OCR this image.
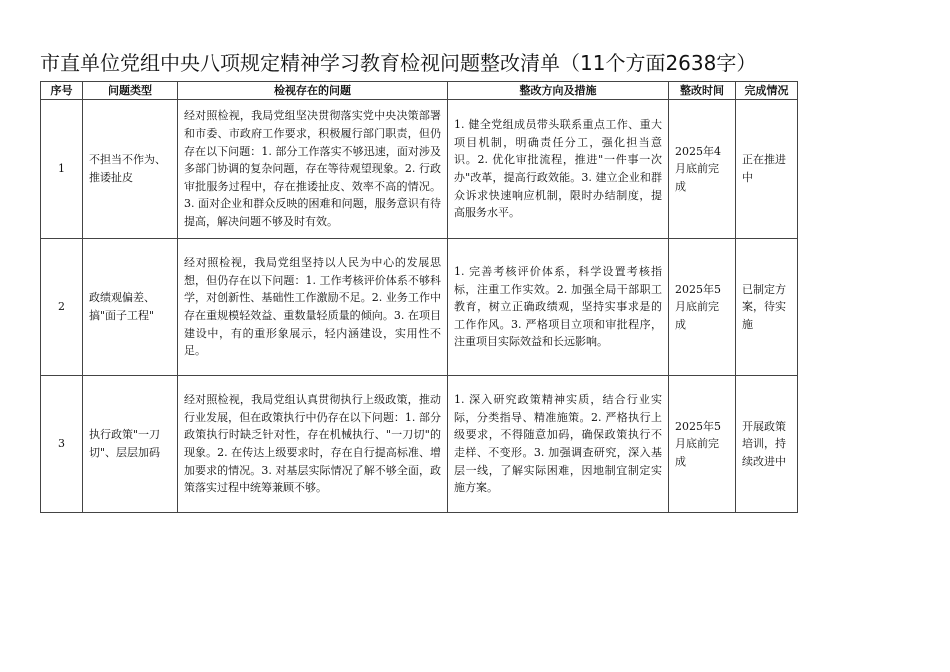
市直单位党组中央八项规定精神学习教育检视问题整改清单（11个方面2638字）
序号	问题类型	检视存在的问题	整改方向及措施	整改时间	完成情况
1	不担当不作为、推诿扯皮	经对照检视，我局党组坚决贯彻落实党中央决策部署和市委、市政府工作要求，积极履行部门职责，但仍存在以下问题：1. 部分工作落实不够迅速，面对涉及多部门协调的复杂问题，存在等待观望现象。2. 行政审批服务过程中，存在推诿扯皮、效率不高的情况。3. 面对企业和群众反映的困难和问题，服务意识有待提高，解决问题不够及时有效。	1. 健全党组成员带头联系重点工作、重大项目机制，明确责任分工，强化担当意识。2. 优化审批流程，推进"一件事一次办"改革，提高行政效能。3. 建立企业和群众诉求快速响应机制，限时办结制度，提高服务水平。	2025年4月底前完成	正在推进中
2	政绩观偏差、搞"面子工程"	经对照检视，我局党组坚持以人民为中心的发展思想，但仍存在以下问题：1. 工作考核评价体系不够科学，对创新性、基础性工作激励不足。2. 业务工作中存在重规模轻效益、重数量轻质量的倾向。3. 在项目建设中，有的重形象展示，轻内涵建设，实用性不足。	1. 完善考核评价体系，科学设置考核指标，注重工作实效。2. 加强全局干部职工教育，树立正确政绩观，坚持实事求是的工作作风。3. 严格项目立项和审批程序，注重项目实际效益和长远影响。	2025年5月底前完成	已制定方案，待实施
3	执行政策"一刀切"、层层加码	经对照检视，我局党组认真贯彻执行上级政策，推动行业发展，但在政策执行中仍存在以下问题：1. 部分政策执行时缺乏针对性，存在机械执行、"一刀切"的现象。2. 在传达上级要求时，存在自行提高标准、增加要求的情况。3. 对基层实际情况了解不够全面，政策落实过程中统筹兼顾不够。	1. 深入研究政策精神实质，结合行业实际，分类指导、精准施策。2. 严格执行上级要求，不得随意加码，确保政策执行不走样、不变形。3. 加强调查研究，深入基层一线，了解实际困难，因地制宜制定实施方案。	2025年5月底前完成	开展政策培训，持续改进中
